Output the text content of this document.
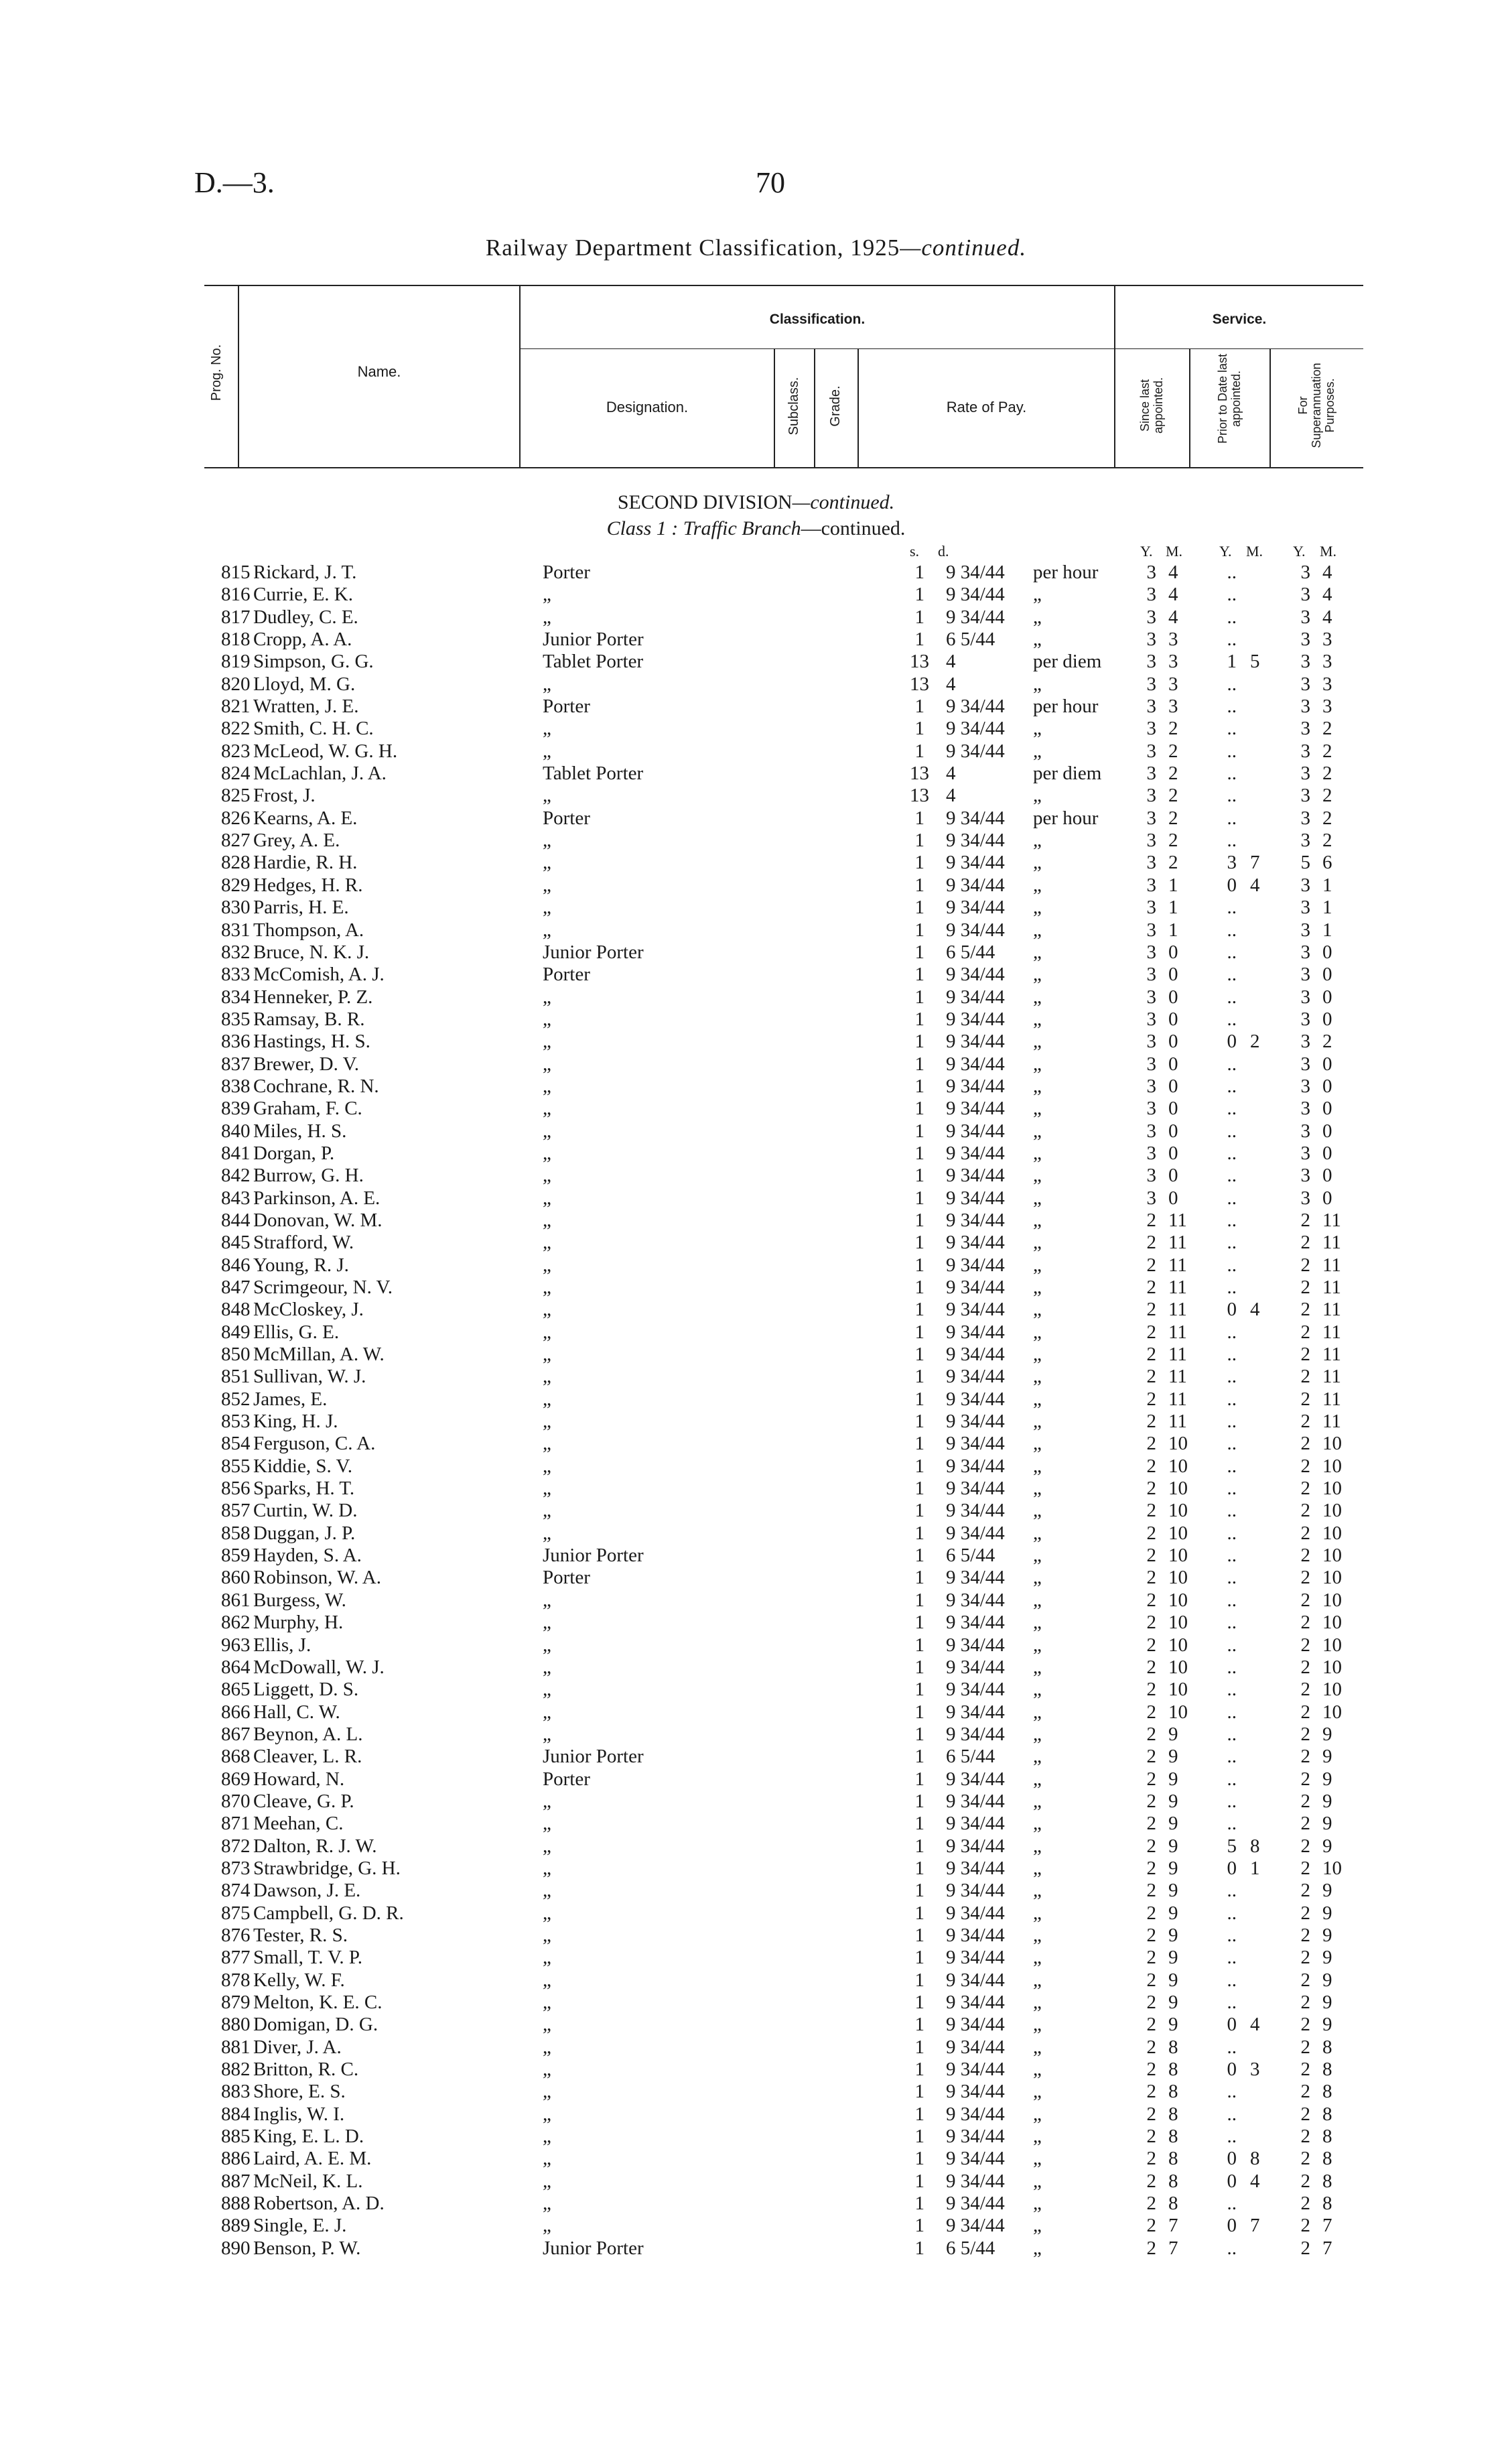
D.—3.	70
Railway Department Classification, 1925—continued.
Prog. No.	Name.
Classification.
Designation.	Subclass. Grade.	Rate of Pay.
Service.
Since last appointed.	Prior to Date last appointed.	For Superannuation Purposes.
SECOND DIVISION—continued.
Class 1 : Traffic Branch—continued.
s. d.	Y. M. Y. M. Y. M.
815 Rickard, J. T.	Porter	1 9 34/44 per hour	3 4	..	3 4
816 Currie, E. K.	„	1 9 34/44 „	3 4	..	3 4
817 Dudley, C. E.	„	1 9 34/44 „	3 4	..	3 4
818 Cropp, A. A.	Junior Porter	1 6 5/44 „	3 3	..	3 3
819 Simpson, G. G.	Tablet Porter	13 4	per diem	3 3	1 5	3 3
820 Lloyd, M. G.	„	13 4	„	3 3	..	3 3
821 Wratten, J. E.	Porter	1 9 34/44 per hour	3 3	..	3 3
822 Smith, C. H. C.	„	1 9 34/44 „	3 2	..	3 2
823 McLeod, W. G. H.	„	1 9 34/44 „	3 2	..	3 2
824 McLachlan, J. A.	Tablet Porter	13 4	per diem	3 2	..	3 2
825 Frost, J.	„	13 4	„	3 2	..	3 2
826 Kearns, A. E.	Porter	1 9 34/44 per hour	3 2	..	3 2
827 Grey, A. E.	„	1 9 34/44 „	3 2	..	3 2
828 Hardie, R. H.	„	1 9 34/44 „	3 2	3 7	5 6
829 Hedges, H. R.	„	1 9 34/44 „	3 1	0 4	3 1
830 Parris, H. E.	„	1 9 34/44 „	3 1	..	3 1
831 Thompson, A.	„	1 9 34/44 „	3 1	..	3 1
832 Bruce, N. K. J.	Junior Porter	1 6 5/44 „	3 0	..	3 0
833 McComish, A. J.	Porter	1 9 34/44 „	3 0	..	3 0
834 Henneker, P. Z.	„	1 9 34/44 „	3 0	..	3 0
835 Ramsay, B. R.	„	1 9 34/44 „	3 0	..	3 0
836 Hastings, H. S.	„	1 9 34/44 „	3 0	0 2	3 2
837 Brewer, D. V.	„	1 9 34/44 „	3 0	..	3 0
838 Cochrane, R. N.	„	1 9 34/44 „	3 0	..	3 0
839 Graham, F. C.	„	1 9 34/44 „	3 0	..	3 0
840 Miles, H. S.	„	1 9 34/44 „	3 0	..	3 0
841 Dorgan, P.	„	1 9 34/44 „	3 0	..	3 0
842 Burrow, G. H.	„	1 9 34/44 „	3 0	..	3 0
843 Parkinson, A. E.	„	1 9 34/44 „	3 0	..	3 0
844 Donovan, W. M.	„	1 9 34/44 „	2 11	..	2 11
845 Strafford, W.	„	1 9 34/44 „	2 11	..	2 11
846 Young, R. J.	„	1 9 34/44 „	2 11	..	2 11
847 Scrimgeour, N. V.	„	1 9 34/44 „	2 11	..	2 11
848 McCloskey, J.	„	1 9 34/44 „	2 11	0 4	2 11
849 Ellis, G. E.	„	1 9 34/44 „	2 11	..	2 11
850 McMillan, A. W.	„	1 9 34/44 „	2 11	..	2 11
851 Sullivan, W. J.	„	1 9 34/44 „	2 11	..	2 11
852 James, E.	„	1 9 34/44 „	2 11	..	2 11
853 King, H. J.	„	1 9 34/44 „	2 11	..	2 11
854 Ferguson, C. A.	„	1 9 34/44 „	2 10	..	2 10
855 Kiddie, S. V.	„	1 9 34/44 „	2 10	..	2 10
856 Sparks, H. T.	„	1 9 34/44 „	2 10	..	2 10
857 Curtin, W. D.	„	1 9 34/44 „	2 10	..	2 10
858 Duggan, J. P.	„	1 9 34/44 „	2 10	..	2 10
859 Hayden, S. A.	Junior Porter	1 6 5/44 „	2 10	..	2 10
860 Robinson, W. A.	Porter	1 9 34/44 „	2 10	..	2 10
861 Burgess, W.	„	1 9 34/44 „	2 10	..	2 10
862 Murphy, H.	„	1 9 34/44 „	2 10	..	2 10
963 Ellis, J.	„	1 9 34/44 „	2 10	..	2 10
864 McDowall, W. J.	„	1 9 34/44 „	2 10	..	2 10
865 Liggett, D. S.	„	1 9 34/44 „	2 10	..	2 10
866 Hall, C. W.	„	1 9 34/44 „	2 10	..	2 10
867 Beynon, A. L.	„	1 9 34/44 „	2 9	..	2 9
868 Cleaver, L. R.	Junior Porter	1 6 5/44 „	2 9	..	2 9
869 Howard, N.	Porter	1 9 34/44 „	2 9	..	2 9
870 Cleave, G. P.	„	1 9 34/44 „	2 9	..	2 9
871 Meehan, C.	„	1 9 34/44 „	2 9	..	2 9
872 Dalton, R. J. W.	„	1 9 34/44 „	2 9	5 8	2 9
873 Strawbridge, G. H.	„	1 9 34/44 „	2 9	0 1	2 10
874 Dawson, J. E.	„	1 9 34/44 „	2 9	..	2 9
875 Campbell, G. D. R.	„	1 9 34/44 „	2 9	..	2 9
876 Tester, R. S.	„	1 9 34/44 „	2 9	..	2 9
877 Small, T. V. P.	„	1 9 34/44 „	2 9	..	2 9
878 Kelly, W. F.	„	1 9 34/44 „	2 9	..	2 9
879 Melton, K. E. C.	„	1 9 34/44 „	2 9	..	2 9
880 Domigan, D. G.	„	1 9 34/44 „	2 9	0 4	2 9
881 Diver, J. A.	„	1 9 34/44 „	2 8	..	2 8
882 Britton, R. C.	„	1 9 34/44 „	2 8	0 3	2 8
883 Shore, E. S.	„	1 9 34/44 „	2 8	..	2 8
884 Inglis, W. I.	„	1 9 34/44 „	2 8	..	2 8
885 King, E. L. D.	„	1 9 34/44 „	2 8	..	2 8
886 Laird, A. E. M.	„	1 9 34/44 „	2 8	0 8	2 8
887 McNeil, K. L.	„	1 9 34/44 „	2 8	0 4	2 8
888 Robertson, A. D.	„	1 9 34/44 „	2 8	..	2 8
889 Single, E. J.	„	1 9 34/44 „	2 7	0 7	2 7
890 Benson, P. W.	Junior Porter	1 6 5/44 „	2 7	..	2 7
